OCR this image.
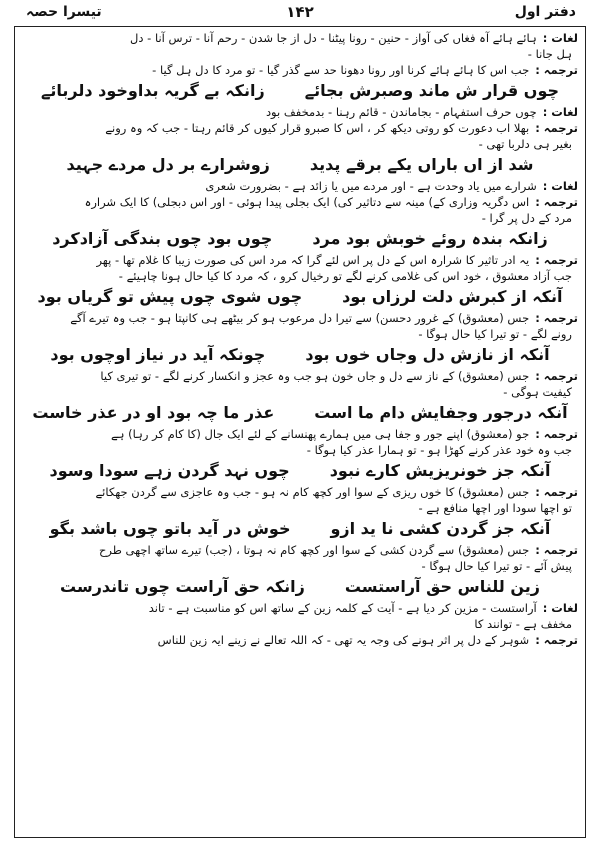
دفتر اول
۱۴۲
تیسرا حصہ
لغات :ہائے ہائے آہ فغاں کی آواز - حنین - رونا پیٹنا - دل از جا شدن - رحم آنا - ترس آنا - دل
ہل جانا -
ترجمہ :جب اس کا ہائے ہائے کرنا اور رونا دھونا حد سے گذر گیا - تو مرد کا دل ہل گیا -
چوں قرار ش ماند وصبرش بجائےزانکہ بے گریہ بداوخود دلربائے
لغات :چوں حرف استفہام - بجاماندن - قائم رہنا - بدمخفف بود
ترجمہ :بھلا اب دعورت کو روتی دیکھ کر ، اس کا صبرو قرار کیوں کر قائم رہتا - جب کہ وہ رونے
بغیر ہی دلربا تھی -
شد از اں باراں یکے برقے پدیدزوشرارے بر دل مردے جہید
لغات :شرارے میں یاد وحدت ہے - اور مردے میں یا زائد ہے - بضرورت شعری
ترجمہ :اس دگریہ وزاری کے) مینہ سے دتاثیر کی) ایک بجلی پیدا ہوئی - اور اس دبجلی) کا ایک شرارہ
مرد کے دل پر گرا -
زانکہ بندہ روئے خوبش بود مردچوں بود چوں بندگی آزادکرد
ترجمہ :یہ ادر تاثیر کا شرارہ اس کے دل پر اس لئے گرا کہ مرد اس کی صورت زیبا کا غلام تھا - پھر
جب آزاد معشوق ، خود اس کی غلامی کرنے لگے تو رخیال کرو ، کہ مرد کا کیا حال ہونا چاہیئے -
آنکہ از کبرش دلت لرزاں بودچوں شوی چوں پیش تو گریاں بود
ترجمہ :جس (معشوق) کے غرور دحسن) سے تیرا دل مرعوب ہو کر بیٹھے ہی کانپتا ہو - جب وہ تیرے آگے
رونے لگے - تو تیرا کیا حال ہوگا -
آنکہ از نازش دل وجاں خوں بودچونکہ آید در نیاز اوچوں بود
ترجمہ :جس (معشوق) کے ناز سے دل و جاں خون ہو جب وہ عجز و انکسار کرنے لگے - تو تیری کیا
کیفیت ہوگی -
آنکہ درجور وجفایش دام ما استعذر ما چہ بود او در عذر خاست
ترجمہ :جو (معشوق) اپنے جور و جفا ہی میں ہمارے پھنسانے کے لئے ایک جال (کا کام کر رہا) ہے
جب وہ خود عذر کرنے کھڑا ہو - تو ہمارا عذر کیا ہوگا -
آنکہ جز خونریزیش کارے نبودچوں نہد گردن زہے سودا وسود
ترجمہ :جس (معشوق) کا خوں ریزی کے سوا اور کچھ کام نہ ہو - جب وہ عاجزی سے گردن جھکائے
تو اچھا سودا اور اچھا منافع ہے -
آنکہ جز گردن کشی نا ید ازوخوش در آید باتو چوں باشد بگو
ترجمہ :جس (معشوق) سے گردن کشی کے سوا اور کچھ کام نہ ہوتا ، (جب) تیرے ساتھ اچھی طرح
پیش آئے - تو تیرا کیا حال ہوگا -
زین للناس حق آراستستزانکہ حق آراست چوں تاندرست
لغات :آراستست - مزین کر دیا ہے - آیت کے کلمہ زین کے ساتھ اس کو مناسبت ہے - تاند
مخفف ہے - توانند کا
ترجمہ :شوہر کے دل پر اثر ہونے کی وجہ یہ تھی - کہ اللہ تعالے نے زینے ایہ زین للناس
